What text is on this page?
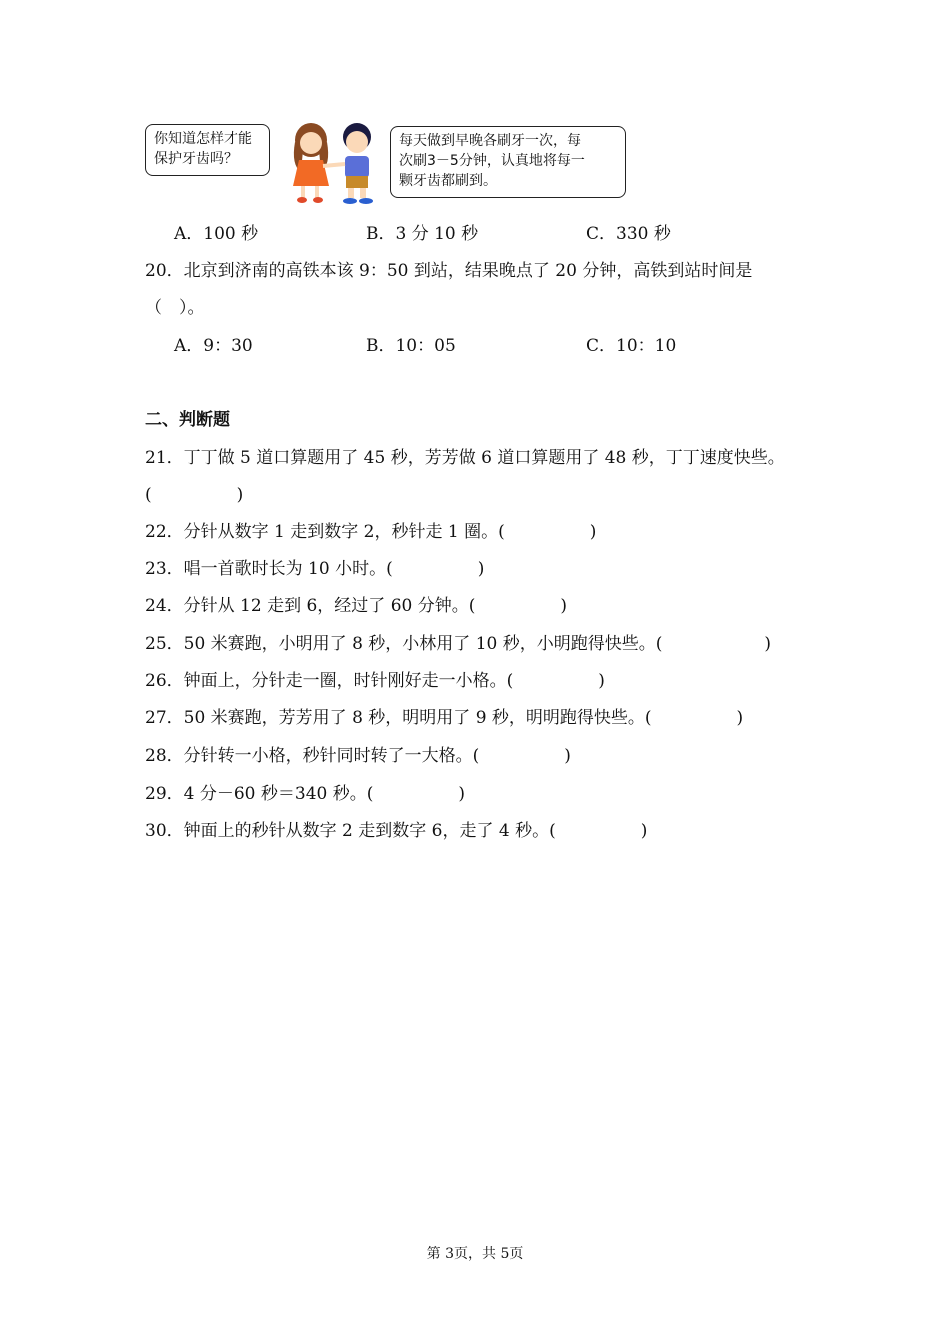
你知道怎样才能
保护牙齿吗？
每天做到早晚各刷牙一次，每
次刷3－5分钟，认真地将每一
颗牙齿都刷到。
A．100 秒	B．3 分 10 秒	C．330 秒
20．北京到济南的高铁本该 9：50 到站，结果晚点了 20 分钟，高铁到站时间是
（　）。
A．9：30	B．10：05	C．10：10
二、判断题
21．丁丁做 5 道口算题用了 45 秒，芳芳做 6 道口算题用了 48 秒，丁丁速度快些。
(　　　　　)
22．分针从数字 1 走到数字 2，秒针走 1 圈。(　　　　　)
23．唱一首歌时长为 10 小时。(　　　　　)
24．分针从 12 走到 6，经过了 60 分钟。(　　　　　)
25．50 米赛跑，小明用了 8 秒，小林用了 10 秒，小明跑得快些。(　　　　　　)
26．钟面上，分针走一圈，时针刚好走一小格。(　　　　　)
27．50 米赛跑，芳芳用了 8 秒，明明用了 9 秒，明明跑得快些。(　　　　　)
28．分针转一小格，秒针同时转了一大格。(　　　　　)
29．4 分－60 秒＝340 秒。(　　　　　)
30．钟面上的秒针从数字 2 走到数字 6，走了 4 秒。(　　　　　)
第 3页，共 5页
